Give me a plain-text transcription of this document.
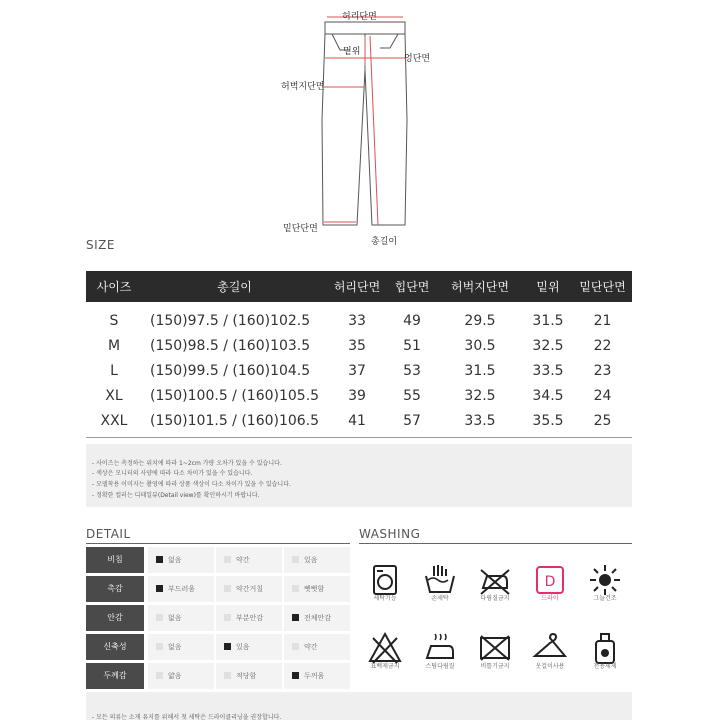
허리단면
밑위
엉단면
허벅지단면
밑단단면
총길이
SIZE
사이즈	총길이	허리단면	힙단면	허벅지단면	밑위	밑단단면
S	(150)97.5 / (160)102.5	33	49	29.5	31.5	21
M	(150)98.5 / (160)103.5	35	51	30.5	32.5	22
L	(150)99.5 / (160)104.5	37	53	31.5	33.5	23
XL	(150)100.5 / (160)105.5	39	55	32.5	34.5	24
XXL	(150)101.5 / (160)106.5	41	57	33.5	35.5	25
- 사이즈는 측정하는 위치에 따라 1~2cm 가량 오차가 있을 수 있습니다.
- 색상은 모니터의 사양에 따라 다소 차이가 있을 수 있습니다.
- 모델착용 이미지는 촬영에 따라 상품 색상이 다소 차이가 있을 수 있습니다.
- 정확한 컬러는 디테일뷰(Detail view)를 확인하시기 바랍니다.
DETAIL
비침	없음	약간	있음
촉감	부드러움	약간거칠	뻣뻣함
안감	없음	부분안감	전체안감
신축성	없음	있음	약간
두께감	얇음	적당함	두꺼움
WASHING
세탁기능	손세탁	다림질금지
D
드라이	그늘건조
표백제금지	스팀다림질	비틀기금지	옷걸이사용	전용세제
- 모든 의류는 소재 유지를 위해서 첫 세탁은 드라이클리닝을 권장합니다.
